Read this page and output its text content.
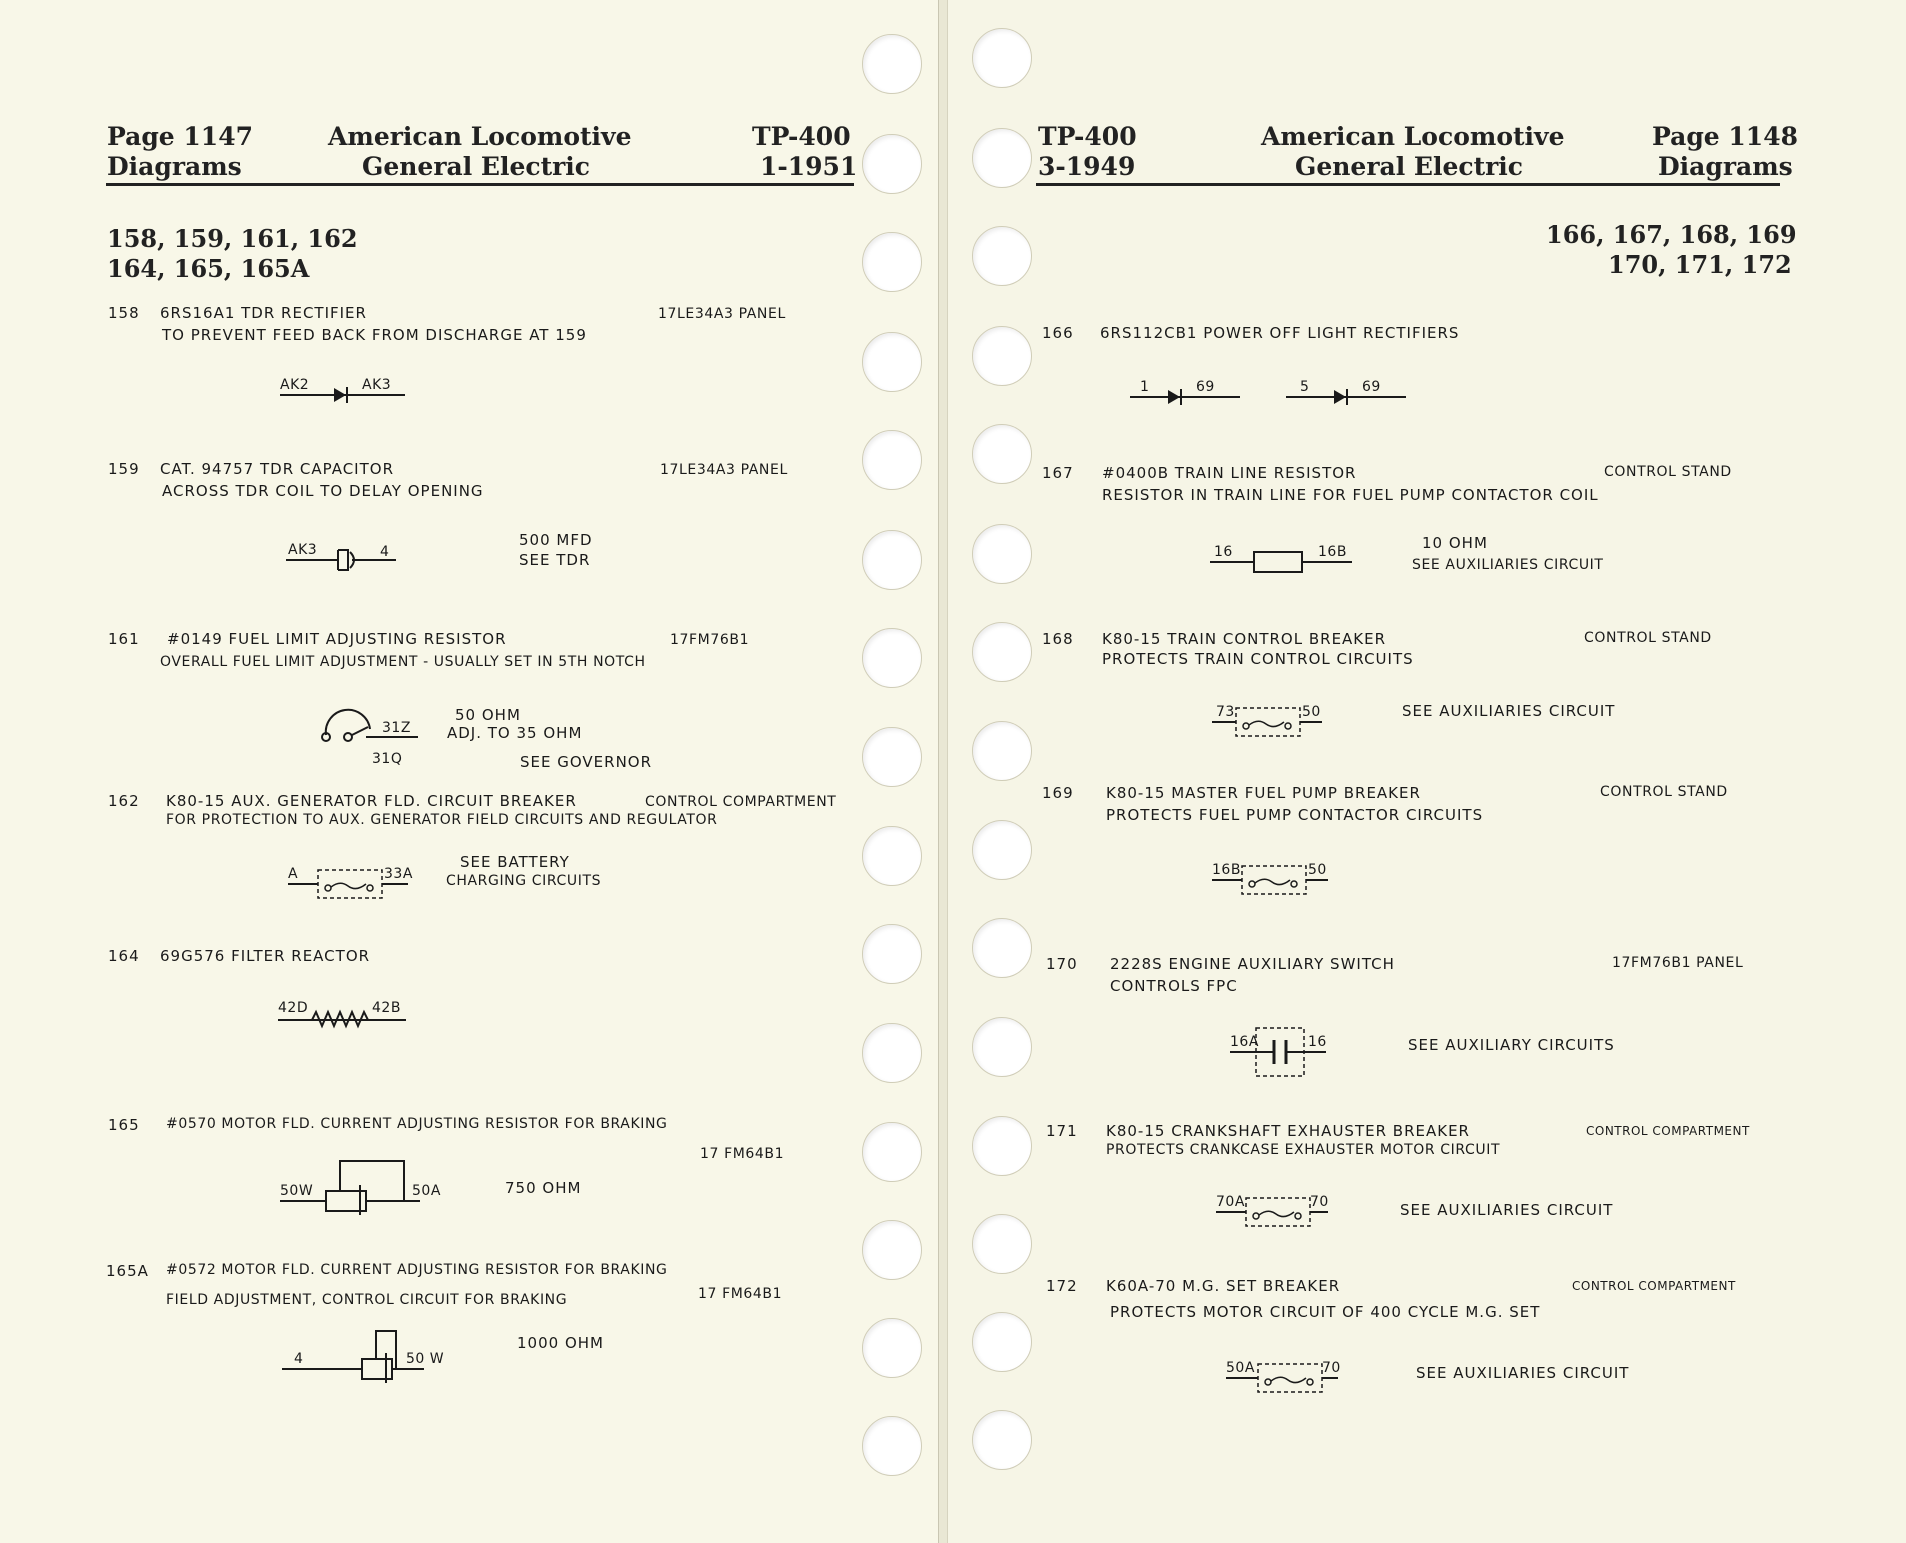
Page 1147
Diagrams
American Locomotive
General Electric
TP-400
1-1951
158, 159, 161, 162
164, 165, 165A
158 6RS16A1 TDR RECTIFIER	17LE34A3 PANEL
TO PREVENT FEED BACK FROM DISCHARGE AT 159
AK2	AK3
159 CAT. 94757 TDR CAPACITOR	17LE34A3 PANEL
ACROSS TDR COIL TO DELAY OPENING
AK3	4
500 MFD
SEE TDR
161 #0149 FUEL LIMIT ADJUSTING RESISTOR	17FM76B1
OVERALL FUEL LIMIT ADJUSTMENT - USUALLY SET IN 5TH NOTCH
31Z
31Q
50 OHM
ADJ. TO 35 OHM
SEE GOVERNOR
162 K80-15 AUX. GENERATOR FLD. CIRCUIT BREAKER	CONTROL COMPARTMENT
FOR PROTECTION TO AUX. GENERATOR FIELD CIRCUITS AND REGULATOR
A	33A
SEE BATTERY
CHARGING CIRCUITS
164 69G576 FILTER REACTOR
42D	42B
165 #0570 MOTOR FLD. CURRENT ADJUSTING RESISTOR FOR BRAKING
17 FM64B1
50W	50A	750 OHM
165A #0572 MOTOR FLD. CURRENT ADJUSTING RESISTOR FOR BRAKING
17 FM64B1
FIELD ADJUSTMENT, CONTROL CIRCUIT FOR BRAKING
4	50 W
1000 OHM
TP-400
3-1949
American Locomotive
General Electric
Page 1148
Diagrams
166, 167, 168, 169
170, 171, 172
166 6RS112CB1 POWER OFF LIGHT RECTIFIERS
1	69	5	69
167 #0400B TRAIN LINE RESISTOR	CONTROL STAND
RESISTOR IN TRAIN LINE FOR FUEL PUMP CONTACTOR COIL
16	16B	10 OHM
SEE AUXILIARIES CIRCUIT
168 K80-15 TRAIN CONTROL BREAKER	CONTROL STAND
PROTECTS TRAIN CONTROL CIRCUITS
73	50	SEE AUXILIARIES CIRCUIT
169 K80-15 MASTER FUEL PUMP BREAKER	CONTROL STAND
PROTECTS FUEL PUMP CONTACTOR CIRCUITS
16B	50
170 2228S ENGINE AUXILIARY SWITCH	17FM76B1 PANEL
CONTROLS FPC
16A	16	SEE AUXILIARY CIRCUITS
171 K80-15 CRANKSHAFT EXHAUSTER BREAKER	CONTROL COMPARTMENT
PROTECTS CRANKCASE EXHAUSTER MOTOR CIRCUIT
70A	70	SEE AUXILIARIES CIRCUIT
172 K60A-70 M.G. SET BREAKER	CONTROL COMPARTMENT
PROTECTS MOTOR CIRCUIT OF 400 CYCLE M.G. SET
50A	70	SEE AUXILIARIES CIRCUIT
